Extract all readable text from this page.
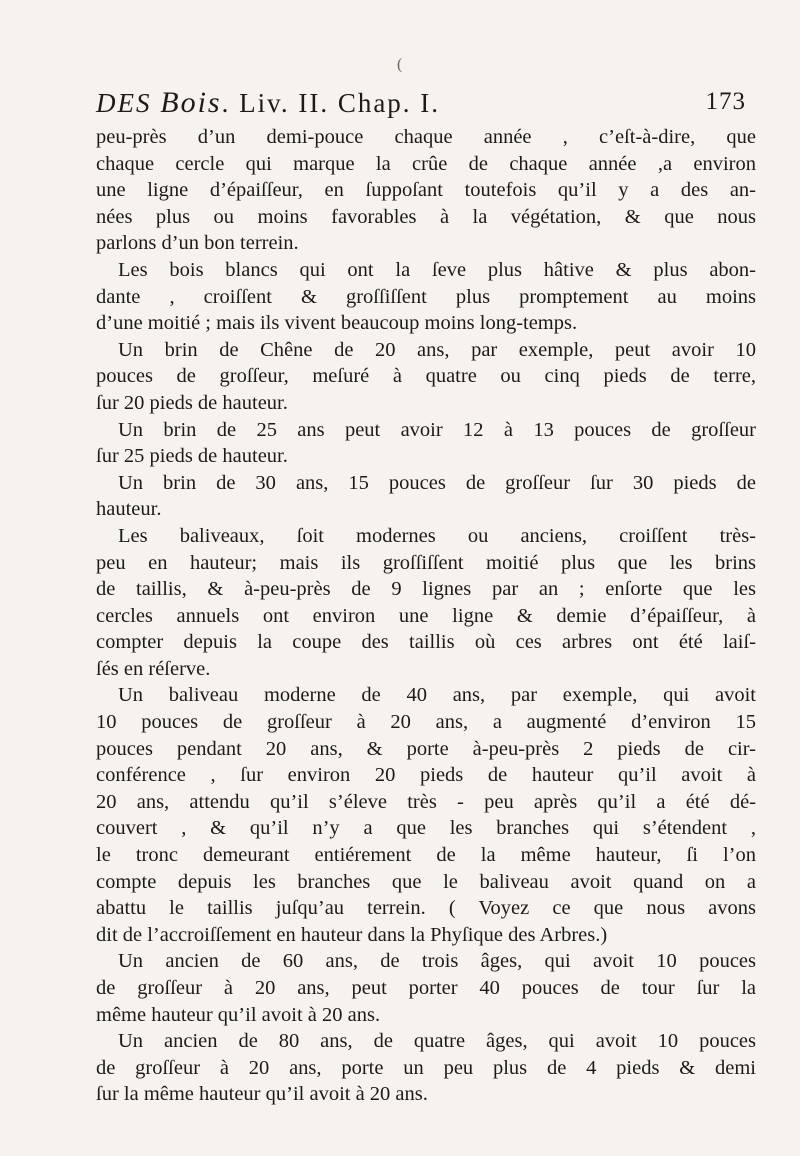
(
DES Bois. Liv. II. Chap. I.	173
peu-près d’un demi-pouce chaque année , c’eſt-à-dire, que
chaque cercle qui marque la crûe de chaque année ,a environ
une ligne d’épaiſſeur, en ſuppoſant toutefois qu’il y a des an-
nées plus ou moins favorables à la végétation, & que nous
parlons d’un bon terrein.
Les bois blancs qui ont la ſeve plus hâtive & plus abon-
dante , croiſſent & groſſiſſent plus promptement au moins
d’une moitié ; mais ils vivent beaucoup moins long-temps.
Un brin de Chêne de 20 ans, par exemple, peut avoir 10
pouces de groſſeur, meſuré à quatre ou cinq pieds de terre,
ſur 20 pieds de hauteur.
Un brin de 25 ans peut avoir 12 à 13 pouces de groſſeur
ſur 25 pieds de hauteur.
Un brin de 30 ans, 15 pouces de groſſeur ſur 30 pieds de
hauteur.
Les baliveaux, ſoit modernes ou anciens, croiſſent très-
peu en hauteur; mais ils groſſiſſent moitié plus que les brins
de taillis, & à-peu-près de 9 lignes par an ; enſorte que les
cercles annuels ont environ une ligne & demie d’épaiſſeur, à
compter depuis la coupe des taillis où ces arbres ont été laiſ-
ſés en réſerve.
Un baliveau moderne de 40 ans, par exemple, qui avoit
10 pouces de groſſeur à 20 ans, a augmenté d’environ 15
pouces pendant 20 ans, & porte à-peu-près 2 pieds de cir-
conférence , ſur environ 20 pieds de hauteur qu’il avoit à
20 ans, attendu qu’il s’éleve très - peu après qu’il a été dé-
couvert , & qu’il n’y a que les branches qui s’étendent ,
le tronc demeurant entiérement de la même hauteur, ſi l’on
compte depuis les branches que le baliveau avoit quand on a
abattu le taillis juſqu’au terrein. ( Voyez ce que nous avons
dit de l’accroiſſement en hauteur dans la Phyſique des Arbres.)
Un ancien de 60 ans, de trois âges, qui avoit 10 pouces
de groſſeur à 20 ans, peut porter 40 pouces de tour ſur la
même hauteur qu’il avoit à 20 ans.
Un ancien de 80 ans, de quatre âges, qui avoit 10 pouces
de groſſeur à 20 ans, porte un peu plus de 4 pieds & demi
ſur la même hauteur qu’il avoit à 20 ans.
